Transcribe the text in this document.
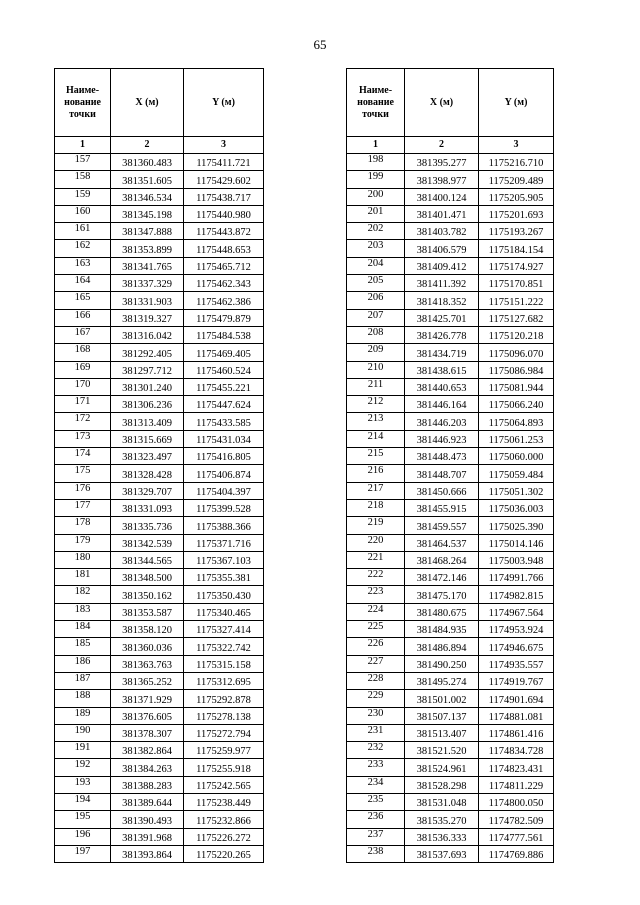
65
Наиме-нование точки	X (м)	Y (м)
1	2	3
157	381360.483	1175411.721
158	381351.605	1175429.602
159	381346.534	1175438.717
160	381345.198	1175440.980
161	381347.888	1175443.872
162	381353.899	1175448.653
163	381341.765	1175465.712
164	381337.329	1175462.343
165	381331.903	1175462.386
166	381319.327	1175479.879
167	381316.042	1175484.538
168	381292.405	1175469.405
169	381297.712	1175460.524
170	381301.240	1175455.221
171	381306.236	1175447.624
172	381313.409	1175433.585
173	381315.669	1175431.034
174	381323.497	1175416.805
175	381328.428	1175406.874
176	381329.707	1175404.397
177	381331.093	1175399.528
178	381335.736	1175388.366
179	381342.539	1175371.716
180	381344.565	1175367.103
181	381348.500	1175355.381
182	381350.162	1175350.430
183	381353.587	1175340.465
184	381358.120	1175327.414
185	381360.036	1175322.742
186	381363.763	1175315.158
187	381365.252	1175312.695
188	381371.929	1175292.878
189	381376.605	1175278.138
190	381378.307	1175272.794
191	381382.864	1175259.977
192	381384.263	1175255.918
193	381388.283	1175242.565
194	381389.644	1175238.449
195	381390.493	1175232.866
196	381391.968	1175226.272
197	381393.864	1175220.265
Наиме-нование точки	X (м)	Y (м)
1	2	3
198	381395.277	1175216.710
199	381398.977	1175209.489
200	381400.124	1175205.905
201	381401.471	1175201.693
202	381403.782	1175193.267
203	381406.579	1175184.154
204	381409.412	1175174.927
205	381411.392	1175170.851
206	381418.352	1175151.222
207	381425.701	1175127.682
208	381426.778	1175120.218
209	381434.719	1175096.070
210	381438.615	1175086.984
211	381440.653	1175081.944
212	381446.164	1175066.240
213	381446.203	1175064.893
214	381446.923	1175061.253
215	381448.473	1175060.000
216	381448.707	1175059.484
217	381450.666	1175051.302
218	381455.915	1175036.003
219	381459.557	1175025.390
220	381464.537	1175014.146
221	381468.264	1175003.948
222	381472.146	1174991.766
223	381475.170	1174982.815
224	381480.675	1174967.564
225	381484.935	1174953.924
226	381486.894	1174946.675
227	381490.250	1174935.557
228	381495.274	1174919.767
229	381501.002	1174901.694
230	381507.137	1174881.081
231	381513.407	1174861.416
232	381521.520	1174834.728
233	381524.961	1174823.431
234	381528.298	1174811.229
235	381531.048	1174800.050
236	381535.270	1174782.509
237	381536.333	1174777.561
238	381537.693	1174769.886
